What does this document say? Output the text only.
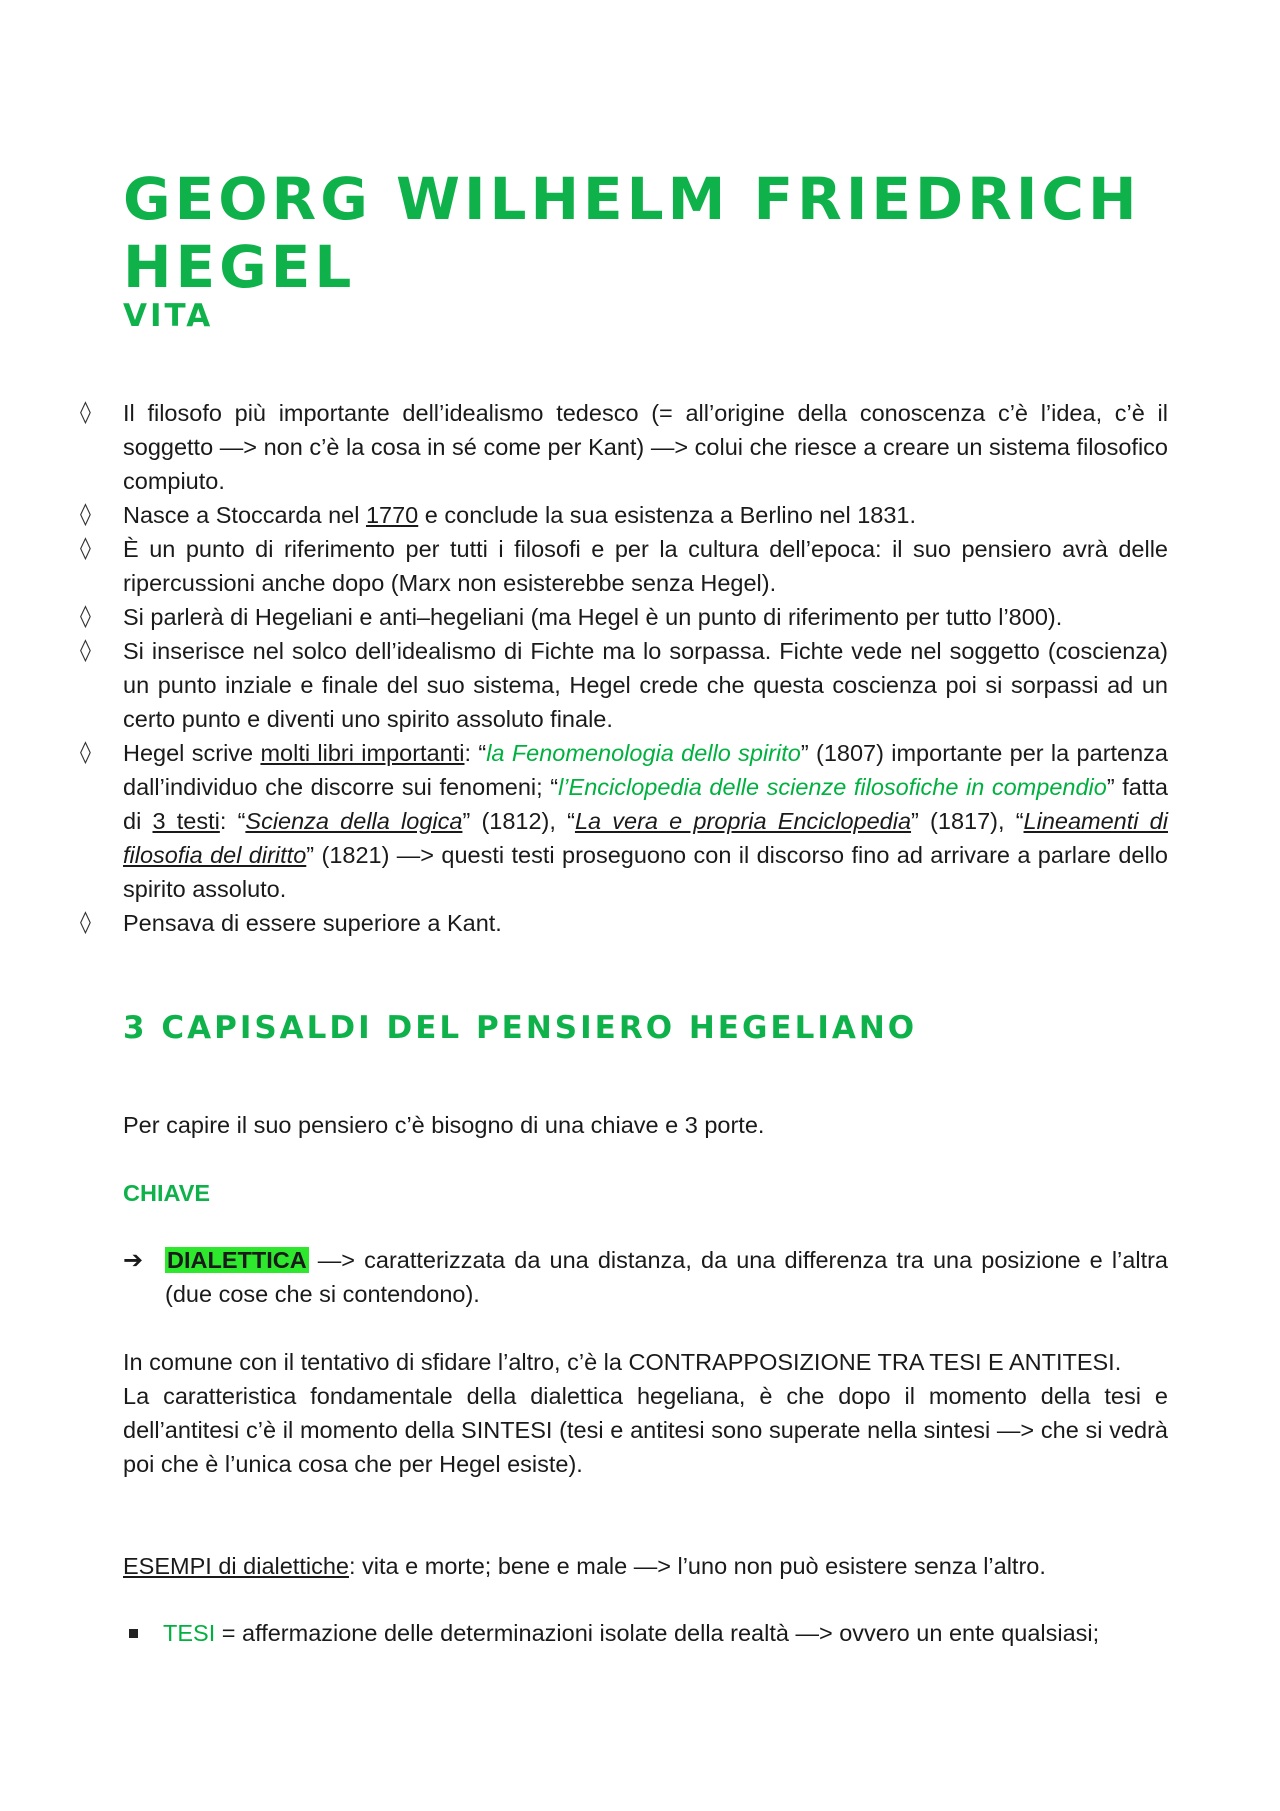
GEORG WILHELM FRIEDRICH HEGEL
VITA
◊ Il filosofo più importante dell’idealismo tedesco (= all’origine della conoscenza c’è l’idea, c’è il soggetto —> non c’è la cosa in sé come per Kant) —> colui che riesce a creare un sistema filosofico compiuto.
◊ Nasce a Stoccarda nel 1770 e conclude la sua esistenza a Berlino nel 1831.
◊ È un punto di riferimento per tutti i filosofi e per la cultura dell’epoca: il suo pensiero avrà delle ripercussioni anche dopo (Marx non esisterebbe senza Hegel).
◊ Si parlerà di Hegeliani e anti–hegeliani (ma Hegel è un punto di riferimento per tutto l’800).
◊ Si inserisce nel solco dell’idealismo di Fichte ma lo sorpassa. Fichte vede nel soggetto (coscienza) un punto inziale e finale del suo sistema, Hegel crede che questa coscienza poi si sorpassi ad un certo punto e diventi uno spirito assoluto finale.
◊ Hegel scrive molti libri importanti: “la Fenomenologia dello spirito” (1807) importante per la partenza dall’individuo che discorre sui fenomeni; “l’Enciclopedia delle scienze filosofiche in compendio” fatta di 3 testi: “Scienza della logica” (1812), “La vera e propria Enciclopedia” (1817), “Lineamenti di filosofia del diritto” (1821) —> questi testi proseguono con il discorso fino ad arrivare a parlare dello spirito assoluto.
◊ Pensava di essere superiore a Kant.
3 CAPISALDI DEL PENSIERO HEGELIANO
Per capire il suo pensiero c’è bisogno di una chiave e 3 porte.
CHIAVE
➔ DIALETTICA —> caratterizzata da una distanza, da una differenza tra una posizione e l’altra (due cose che si contendono).
In comune con il tentativo di sfidare l’altro, c’è la CONTRAPPOSIZIONE TRA TESI E ANTITESI.
La caratteristica fondamentale della dialettica hegeliana, è che dopo il momento della tesi e dell’antitesi c’è il momento della SINTESI (tesi e antitesi sono superate nella sintesi —> che si vedrà poi che è l’unica cosa che per Hegel esiste).
ESEMPI di dialettiche: vita e morte; bene e male —> l’uno non può esistere senza l’altro.
TESI = affermazione delle determinazioni isolate della realtà —> ovvero un ente qualsiasi;
